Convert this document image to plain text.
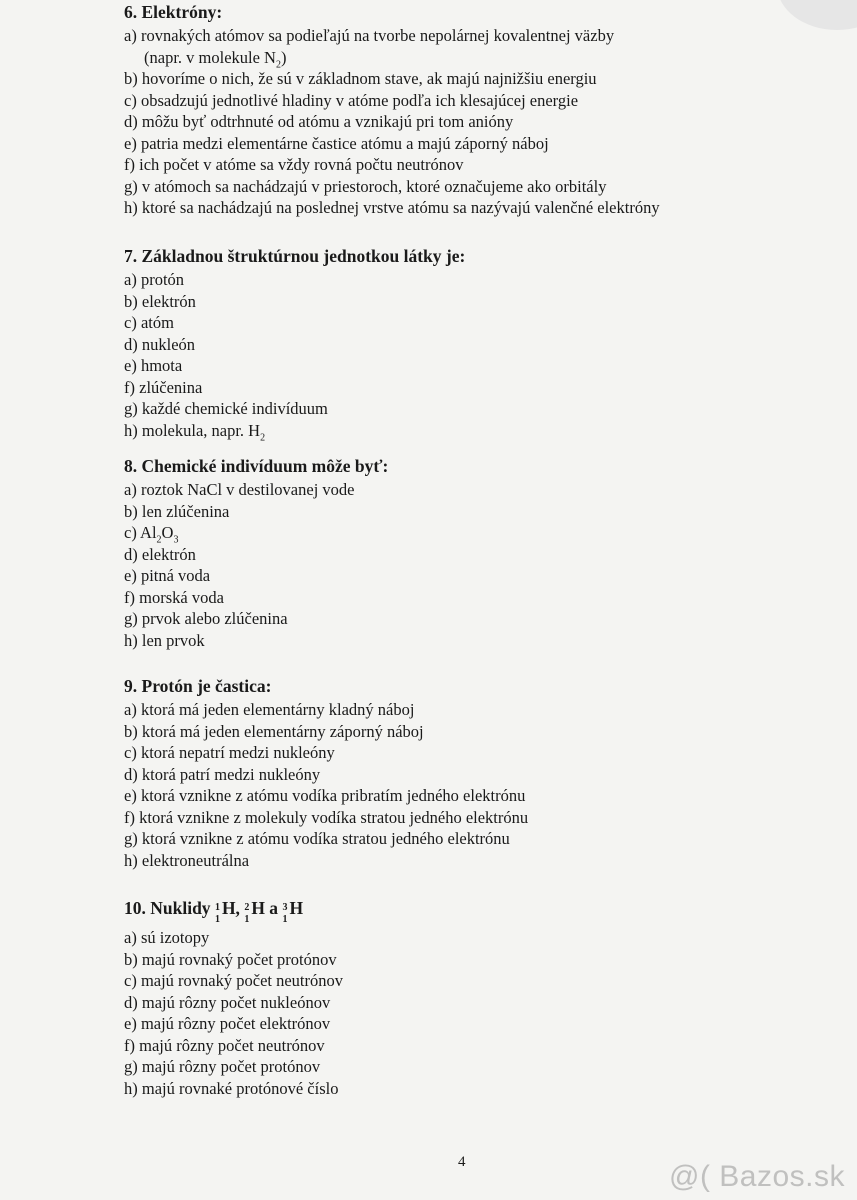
6. Elektróny:
a) rovnakých atómov sa podieľajú na tvorbe nepolárnej kovalentnej väzby
(napr. v molekule $N_2$)
b) hovoríme o nich, že sú v základnom stave, ak majú najnižšiu energiu
c) obsadzujú jednotlivé hladiny v atóme podľa ich klesajúcej energie
d) môžu byť odtrhnuté od atómu a vznikajú pri tom anióny
e) patria medzi elementárne častice atómu a majú záporný náboj
f) ich počet v atóme sa vždy rovná počtu neutrónov
g) v atómoch sa nachádzajú v priestoroch, ktoré označujeme ako orbitály
h) ktoré sa nachádzajú na poslednej vrstve atómu sa nazývajú valenčné elektróny
7. Základnou štruktúrnou jednotkou látky je:
a) protón
b) elektrón
c) atóm
d) nukleón
e) hmota
f) zlúčenina
g) každé chemické indivíduum
h) molekula, napr. $H_2$
8. Chemické indivíduum môže byť:
a) roztok NaCl v destilovanej vode
b) len zlúčenina
c) $Al_2O_3$
d) elektrón
e) pitná voda
f) morská voda
g) prvok alebo zlúčenina
h) len prvok
9. Protón je častica:
a) ktorá má jeden elementárny kladný náboj
b) ktorá má jeden elementárny záporný náboj
c) ktorá nepatrí medzi nukleóny
d) ktorá patrí medzi nukleóny
e) ktorá vznikne z atómu vodíka pribratím jedného elektrónu
f) ktorá vznikne z molekuly vodíka stratou jedného elektrónu
g) ktorá vznikne z atómu vodíka stratou jedného elektrónu
h) elektroneutrálna
10. Nuklidy 1
1
H, 2
1
H a 3
1
H
a) sú izotopy
b) majú rovnaký počet protónov
c) majú rovnaký počet neutrónov
d) majú rôzny počet nukleónov
e) majú rôzny počet elektrónov
f) majú rôzny počet neutrónov
g) majú rôzny počet protónov
h) majú rovnaké protónové číslo
4	@( Bazos.sk
